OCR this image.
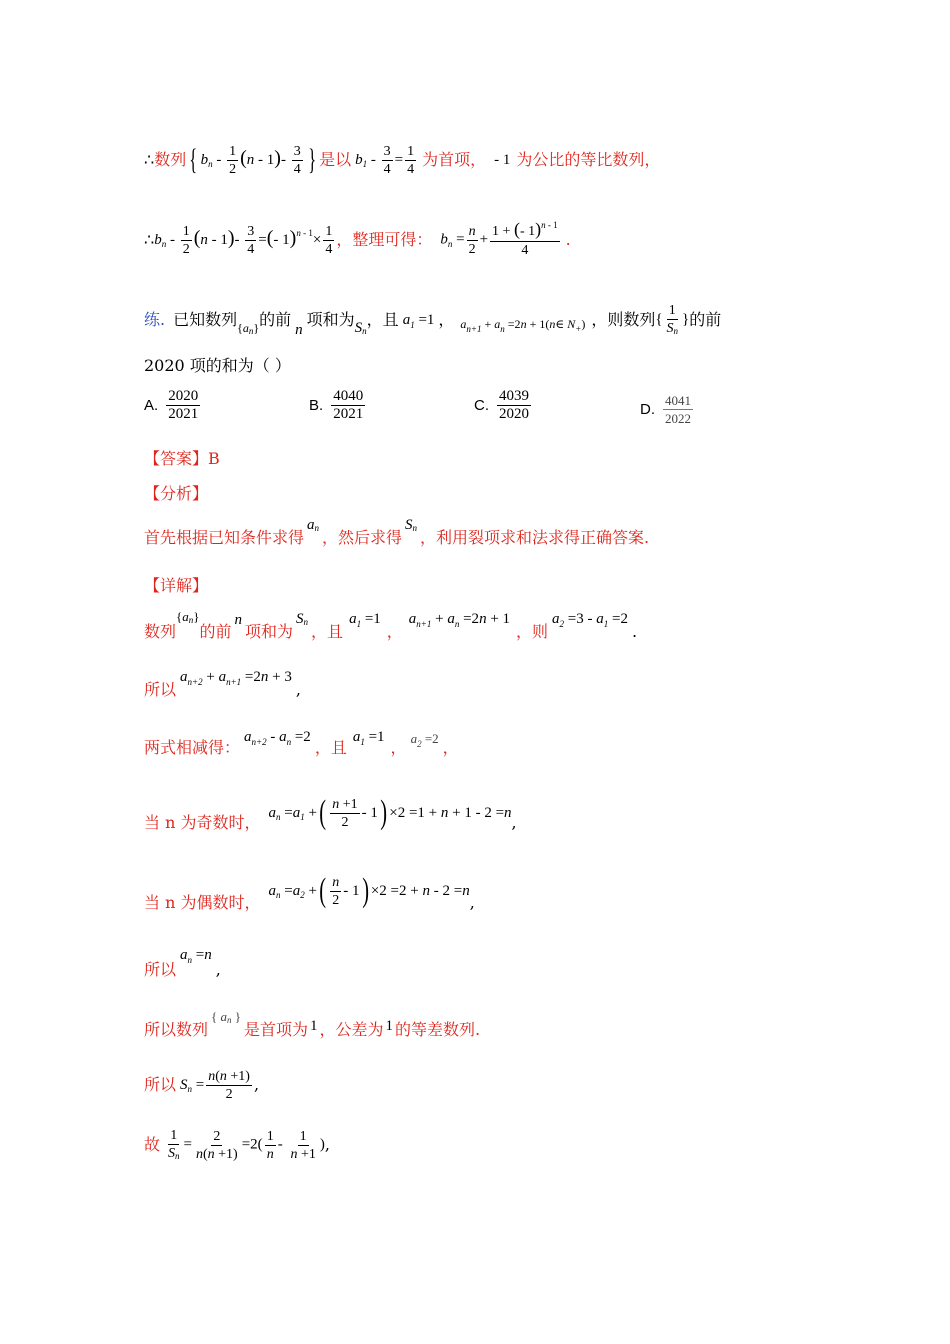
∴ 数列 { $b_n - \frac{1}{2} (n - 1)- \frac{3}{4}$ } 是以 $b_1 - \frac{3}{4} = \frac{1}{4}$ 为首项， - 1 为公比的等比数列，
∴ $b_n - \frac{1}{2} (n - 1)- \frac{3}{4}$ =(- $1)^{n - 1}\times \frac{1}{4}$ ， 整理可得： $b_n = \frac{n}{2} + \frac{1 + (- 1)^{n - 1}}{4}$ .
练. 已知数列 {an} 的前
n
项和为 Sn
，且 $a_1 =1$ ， $a_{n+1} + a_n =2n$ + 1(n∈ $N_+$) ，则数列 { $\frac{1}{Sn}$ } 的前
2020 项的和为（ ）
A. $\frac{2020}{2021}$	B. $\frac{4040}{2021}$	C. $\frac{4039}{2020}$	D. $\frac{4041}{2022}$
【答案】B
【分析】
首先根据已知条件求得
an ，然后求得
Sn ，利用裂项求和法求得正确答案.
【详解】
数列
{an}
的前
n
项和为
Sn ，且
$a_1 =1$
，
$a_{n+1} + a_n =2n + 1$
，则
$a_2 =3 - a_1 =2$
.
所以
$a_{n+2} + a_{n+1} =2n + 3$
,
两式相减得：
$a_{n+2} - a_n =2$
，且
$a_1 =1$
， $a_2 =2$ ，
当 n 为奇数时，
$a_n =a_1$ +( $\frac{n +1}{2} - 1) \times 2 =1 + n + 1 - 2 =n$
,
当 n 为偶数时，
$a_n =a_2$ +( $\frac{n}{2} - 1) \times 2 =2 + n - 2 =n$
,
所以
$a_n =n$
,
所以数列
{ an }
是首项为 1 ，公差为 1 的等差数列.
所以 $S_n = \frac{n(n +1)}{2}$ ,
故 $\frac{1}{Sn} = \frac{2}{n(n +1)} =2( \frac{1}{n} - \frac{1}{n +1}$ ) ,
